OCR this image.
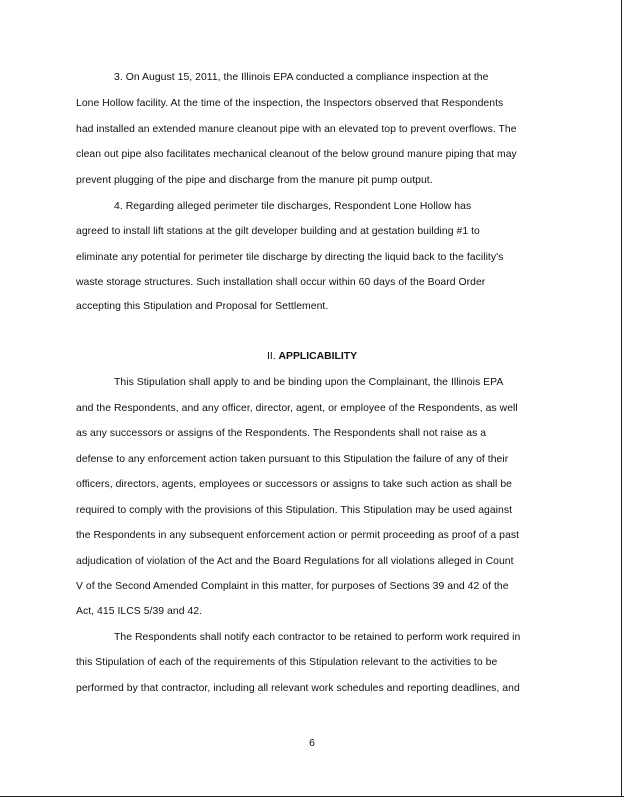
3. On August 15, 2011, the Illinois EPA conducted a compliance inspection at the
Lone Hollow facility. At the time of the inspection, the Inspectors observed that Respondents
had installed an extended manure cleanout pipe with an elevated top to prevent overflows. The
clean out pipe also facilitates mechanical cleanout of the below ground manure piping that may
prevent plugging of the pipe and discharge from the manure pit pump output.
4. Regarding alleged perimeter tile discharges, Respondent Lone Hollow has
agreed to install lift stations at the gilt developer building and at gestation building #1 to
eliminate any potential for perimeter tile discharge by directing the liquid back to the facility's
waste storage structures. Such installation shall occur within 60 days of the Board Order
accepting this Stipulation and Proposal for Settlement.
II. APPLICABILITY
This Stipulation shall apply to and be binding upon the Complainant, the Illinois EPA
and the Respondents, and any officer, director, agent, or employee of the Respondents, as well
as any successors or assigns of the Respondents. The Respondents shall not raise as a
defense to any enforcement action taken pursuant to this Stipulation the failure of any of their
officers, directors, agents, employees or successors or assigns to take such action as shall be
required to comply with the provisions of this Stipulation. This Stipulation may be used against
the Respondents in any subsequent enforcement action or permit proceeding as proof of a past
adjudication of violation of the Act and the Board Regulations for all violations alleged in Count
V of the Second Amended Complaint in this matter, for purposes of Sections 39 and 42 of the
Act, 415 ILCS 5/39 and 42.
The Respondents shall notify each contractor to be retained to perform work required in
this Stipulation of each of the requirements of this Stipulation relevant to the activities to be
performed by that contractor, including all relevant work schedules and reporting deadlines, and
6
